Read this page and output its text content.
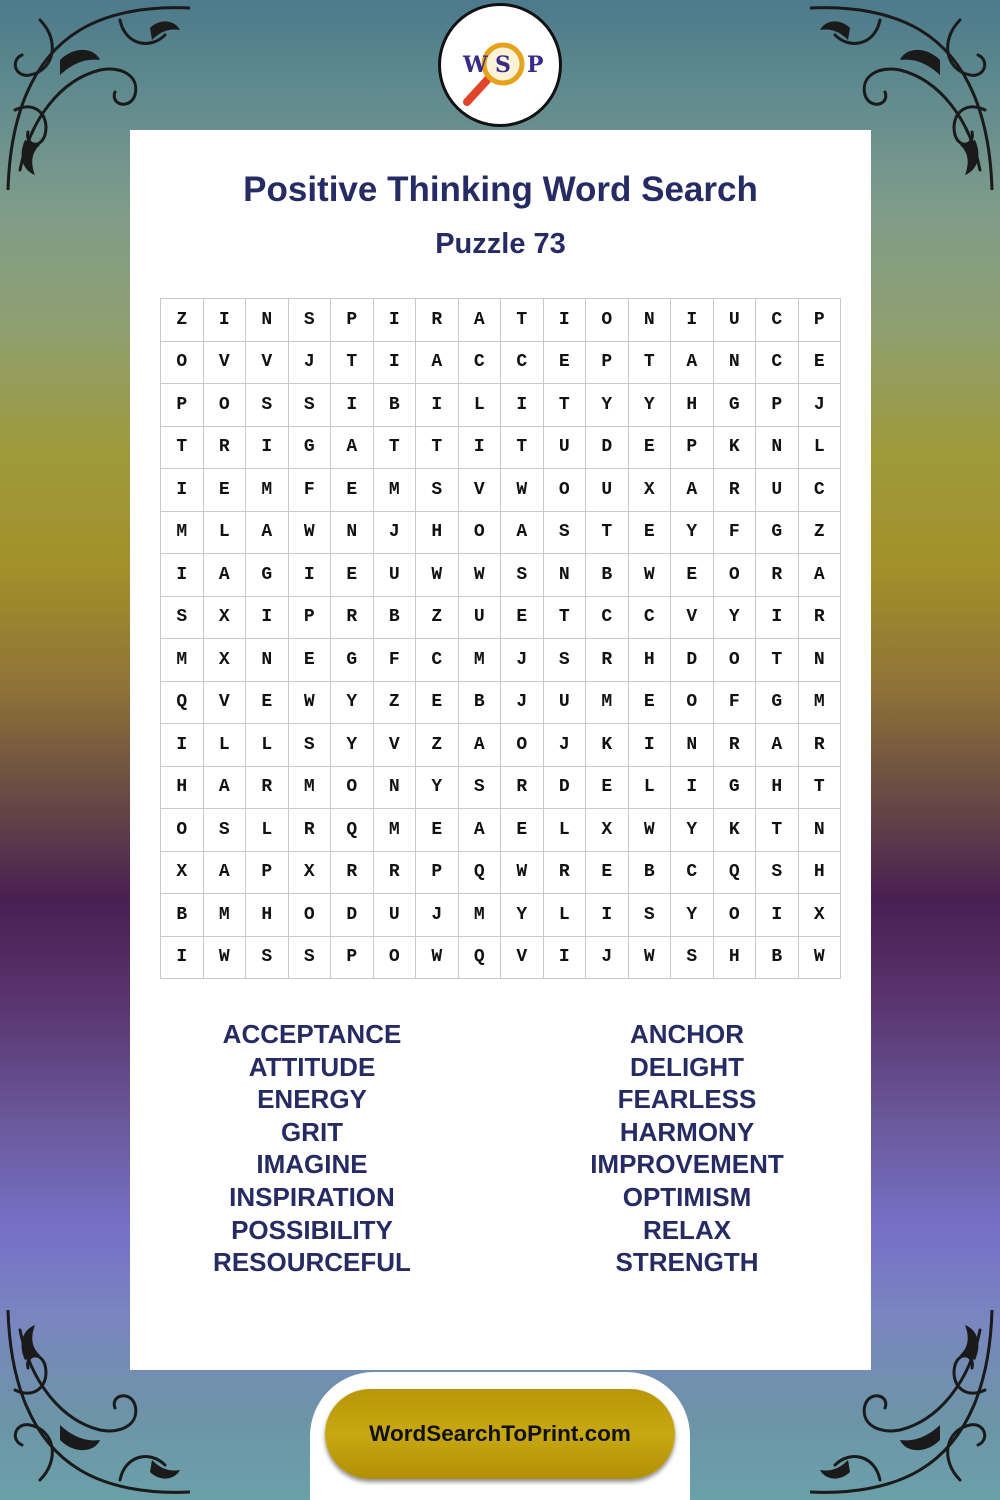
W S P
Positive Thinking Word Search
Puzzle 73
Z	I	N	S	P	I	R	A	T	I	O	N	I	U	C	P
O	V	V	J	T	I	A	C	C	E	P	T	A	N	C	E
P	O	S	S	I	B	I	L	I	T	Y	Y	H	G	P	J
T	R	I	G	A	T	T	I	T	U	D	E	P	K	N	L
I	E	M	F	E	M	S	V	W	O	U	X	A	R	U	C
M	L	A	W	N	J	H	O	A	S	T	E	Y	F	G	Z
I	A	G	I	E	U	W	W	S	N	B	W	E	O	R	A
S	X	I	P	R	B	Z	U	E	T	C	C	V	Y	I	R
M	X	N	E	G	F	C	M	J	S	R	H	D	O	T	N
Q	V	E	W	Y	Z	E	B	J	U	M	E	O	F	G	M
I	L	L	S	Y	V	Z	A	O	J	K	I	N	R	A	R
H	A	R	M	O	N	Y	S	R	D	E	L	I	G	H	T
O	S	L	R	Q	M	E	A	E	L	X	W	Y	K	T	N
X	A	P	X	R	R	P	Q	W	R	E	B	C	Q	S	H
B	M	H	O	D	U	J	M	Y	L	I	S	Y	O	I	X
I	W	S	S	P	O	W	Q	V	I	J	W	S	H	B	W
ACCEPTANCE
ATTITUDE
ENERGY
GRIT
IMAGINE
INSPIRATION
POSSIBILITY
RESOURCEFUL
ANCHOR
DELIGHT
FEARLESS
HARMONY
IMPROVEMENT
OPTIMISM
RELAX
STRENGTH
WordSearchToPrint.com
